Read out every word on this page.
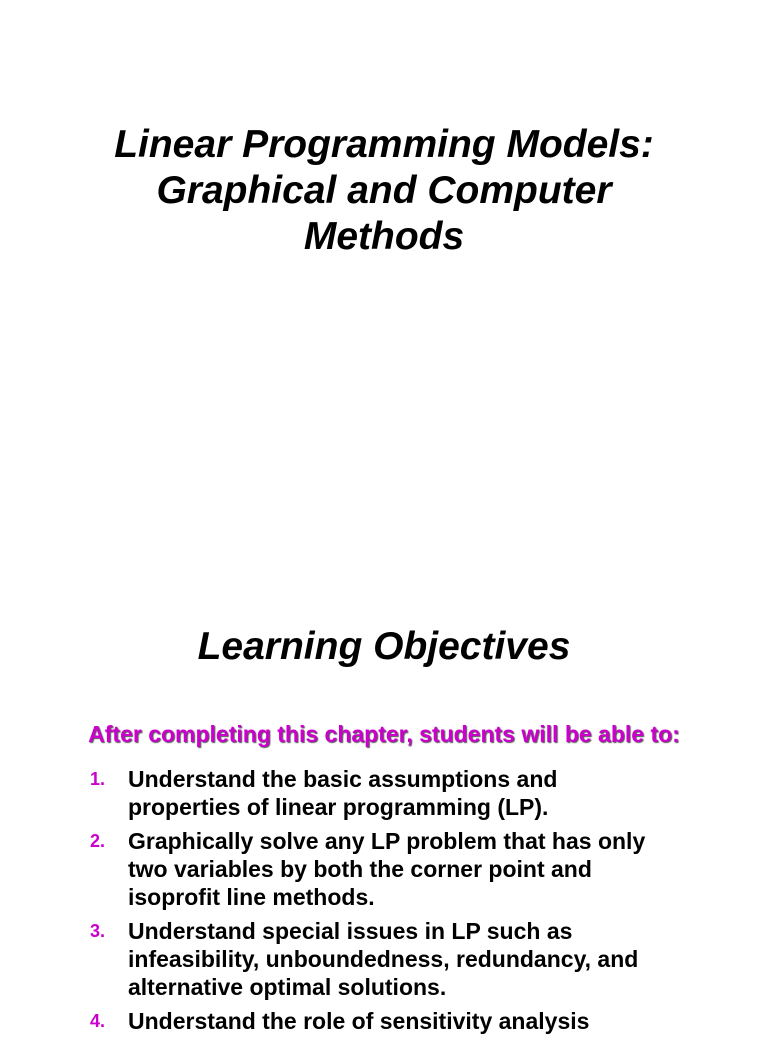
Linear Programming Models:
Graphical and Computer
Methods
Learning Objectives

After completing this chapter, students will be able to:

1. Understand the basic assumptions and properties of linear programming (LP).
2. Graphically solve any LP problem that has only two variables by both the corner point and isoprofit line methods.
3. Understand special issues in LP such as infeasibility, unboundedness, redundancy, and alternative optimal solutions.
4. Understand the role of sensitivity analysis
